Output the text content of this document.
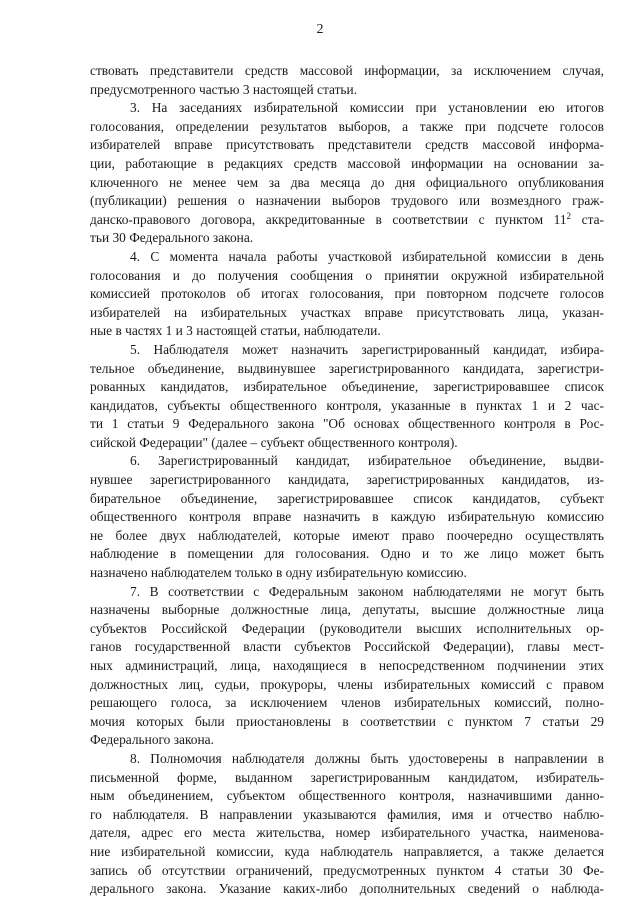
2
ствовать представители средств массовой информации, за исключением случая,
предусмотренного частью 3 настоящей статьи.
3. На заседаниях избирательной комиссии при установлении ею итогов
голосования, определении результатов выборов, а также при подсчете голосов
избирателей вправе присутствовать представители средств массовой информа-
ции, работающие в редакциях средств массовой информации на основании за-
ключенного не менее чем за два месяца до дня официального опубликования
(публикации) решения о назначении выборов трудового или возмездного граж-
данско-правового договора, аккредитованные в соответствии с пунктом $11^2$ ста-
тьи 30 Федерального закона.
4. С момента начала работы участковой избирательной комиссии в день
голосования и до получения сообщения о принятии окружной избирательной
комиссией протоколов об итогах голосования, при повторном подсчете голосов
избирателей на избирательных участках вправе присутствовать лица, указан-
ные в частях 1 и 3 настоящей статьи, наблюдатели.
5. Наблюдателя может назначить зарегистрированный кандидат, избира-
тельное объединение, выдвинувшее зарегистрированного кандидата, зарегистри-
рованных кандидатов, избирательное объединение, зарегистрировавшее список
кандидатов, субъекты общественного контроля, указанные в пунктах 1 и 2 час-
ти 1 статьи 9 Федерального закона "Об основах общественного контроля в Рос-
сийской Федерации" (далее – субъект общественного контроля).
6. Зарегистрированный кандидат, избирательное объединение, выдви-
нувшее зарегистрированного кандидата, зарегистрированных кандидатов, из-
бирательное объединение, зарегистрировавшее список кандидатов, субъект
общественного контроля вправе назначить в каждую избирательную комиссию
не более двух наблюдателей, которые имеют право поочередно осуществлять
наблюдение в помещении для голосования. Одно и то же лицо может быть
назначено наблюдателем только в одну избирательную комиссию.
7. В соответствии с Федеральным законом наблюдателями не могут быть
назначены выборные должностные лица, депутаты, высшие должностные лица
субъектов Российской Федерации (руководители высших исполнительных ор-
ганов государственной власти субъектов Российской Федерации), главы мест-
ных администраций, лица, находящиеся в непосредственном подчинении этих
должностных лиц, судьи, прокуроры, члены избирательных комиссий с правом
решающего голоса, за исключением членов избирательных комиссий, полно-
мочия которых были приостановлены в соответствии с пунктом 7 статьи 29
Федерального закона.
8. Полномочия наблюдателя должны быть удостоверены в направлении в
письменной форме, выданном зарегистрированным кандидатом, избиратель-
ным объединением, субъектом общественного контроля, назначившими данно-
го наблюдателя. В направлении указываются фамилия, имя и отчество наблю-
дателя, адрес его места жительства, номер избирательного участка, наименова-
ние избирательной комиссии, куда наблюдатель направляется, а также делается
запись об отсутствии ограничений, предусмотренных пунктом 4 статьи 30 Фе-
дерального закона. Указание каких-либо дополнительных сведений о наблюда-
